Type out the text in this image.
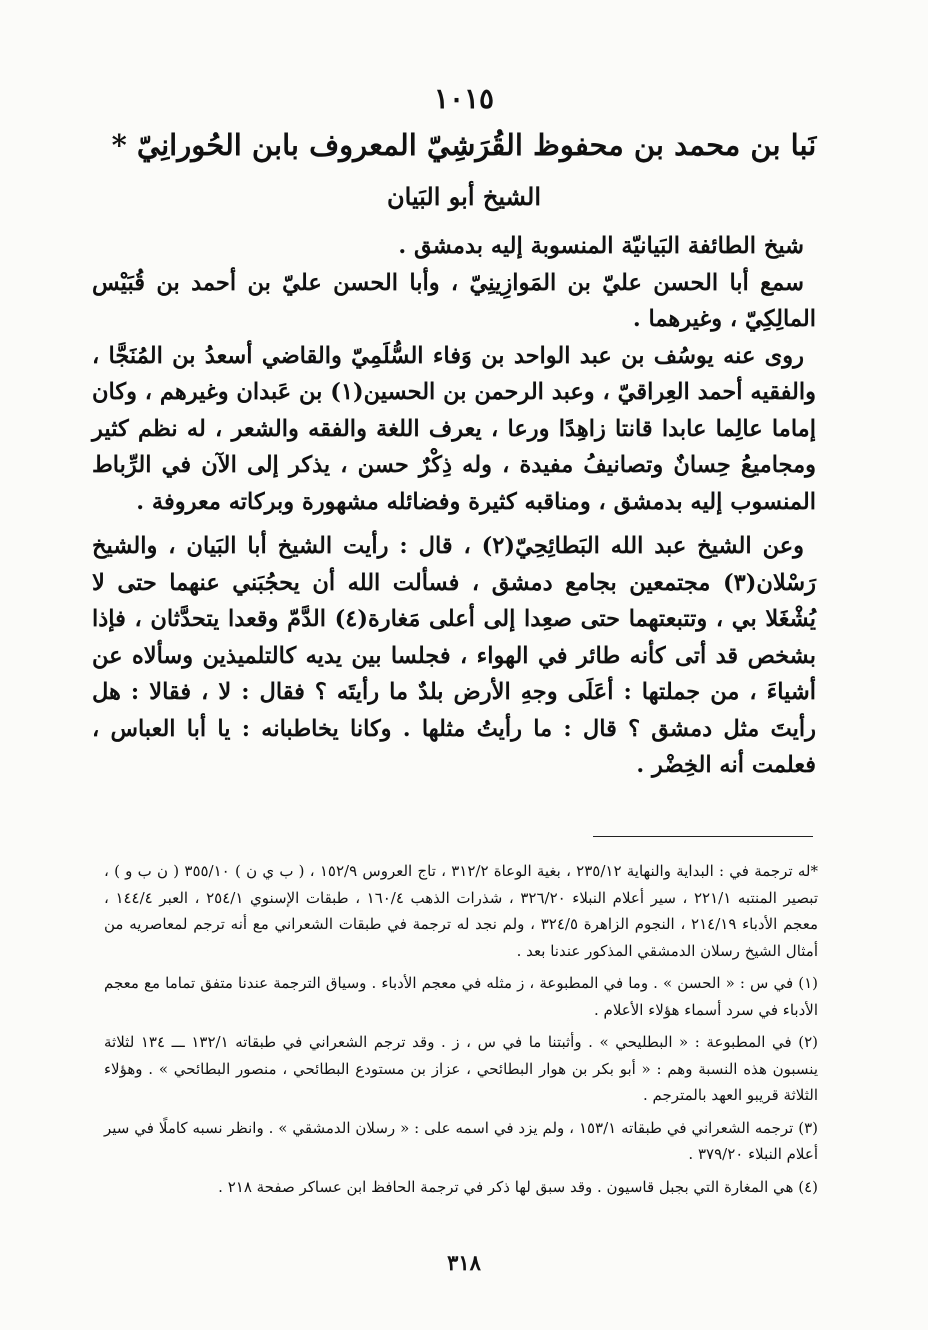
١٠١٥
نَبا بن محمد بن محفوظ القُرَشِيّ المعروف بابن الحُورانِيّ *
الشيخ أبو البَيان

شيخ الطائفة البَيانيّة المنسوبة إليه بدمشق .

سمع أبا الحسن عليّ بن المَوازِينِيّ ، وأبا الحسن عليّ بن أحمد بن قُبَيْس المالِكِيّ ، وغيرهما .

روى عنه يوسُف بن عبد الواحد بن وَفاء السُّلَمِيّ والقاضي أسعدُ بن المُنَجَّا ، والفقيه أحمد العِراقيّ ، وعبد الرحمن بن الحسين(١) بن عَبدان وغيرهم ، وكان إماما عالِما عابدا قانتا زاهِدًا ورعا ، يعرف اللغة والفقه والشعر ، له نظم كثير ومجاميعُ حِسانٌ وتصانيفُ مفيدة ، وله ذِكْرٌ حسن ، يذكر إلى الآن في الرِّباط المنسوب إليه بدمشق ، ومناقبه كثيرة وفضائله مشهورة وبركاته معروفة .

وعن الشيخ عبد الله البَطائِحِيّ(٢) ، قال : رأيت الشيخ أبا البَيان ، والشيخ رَسْلان(٣) مجتمعين بجامع دمشق ، فسألت الله أن يحجُبَني عنهما حتى لا يُشْغَلا بي ، وتتبعتهما حتى صعِدا إلى أعلى مَغارة(٤) الدَّمّ وقعدا يتحدَّثان ، فإذا بشخص قد أتى كأنه طائر في الهواء ، فجلسا بين يديه كالتلميذين وسألاه عن أشياءَ ، من جملتها : أعَلَى وجهِ الأرض بلدٌ ما رأيتَه ؟ فقال : لا ، فقالا : هل رأيتَ مثل دمشق ؟ قال : ما رأيتُ مثلها . وكانا يخاطبانه : يا أبا العباس ، فعلمت أنه الخِضْر .

*له ترجمة في : البداية والنهاية ٢٣٥/١٢ ، بغية الوعاة ٣١٢/٢ ، تاج العروس ١٥٢/٩ ، ( ب ي ن ) ٣٥٥/١٠ ( ن ب و ) ، تبصير المنتبه ٢٢١/١ ، سير أعلام النبلاء ٣٢٦/٢٠ ، شذرات الذهب ١٦٠/٤ ، طبقات الإسنوي ٢٥٤/١ ، العبر ١٤٤/٤ ، معجم الأدباء ٢١٤/١٩ ، النجوم الزاهرة ٣٢٤/٥ ، ولم نجد له ترجمة في طبقات الشعراني مع أنه ترجم لمعاصريه من أمثال الشيخ رسلان الدمشقي المذكور عندنا بعد .

(١) في س : « الحسن » . وما في المطبوعة ، ز مثله في معجم الأدباء . وسياق الترجمة عندنا متفق تماما مع معجم الأدباء في سرد أسماء هؤلاء الأعلام .

(٢) في المطبوعة : « البطليحي » . وأثبتنا ما في س ، ز . وقد ترجم الشعراني في طبقاته ١٣٢/١ ـــ ١٣٤ لثلاثة ينسبون هذه النسبة وهم : « أبو بكر بن هوار البطائحي ، عزاز بن مستودع البطائحي ، منصور البطائحي » . وهؤلاء الثلاثة قريبو العهد بالمترجم .

(٣) ترجمه الشعراني في طبقاته ١٥٣/١ ، ولم يزد في اسمه على : « رسلان الدمشقي » . وانظر نسبه كاملًا في سير أعلام النبلاء ٣٧٩/٢٠ .

(٤) هي المغارة التي بجبل قاسيون . وقد سبق لها ذكر في ترجمة الحافظ ابن عساكر صفحة ٢١٨ .

٣١٨
